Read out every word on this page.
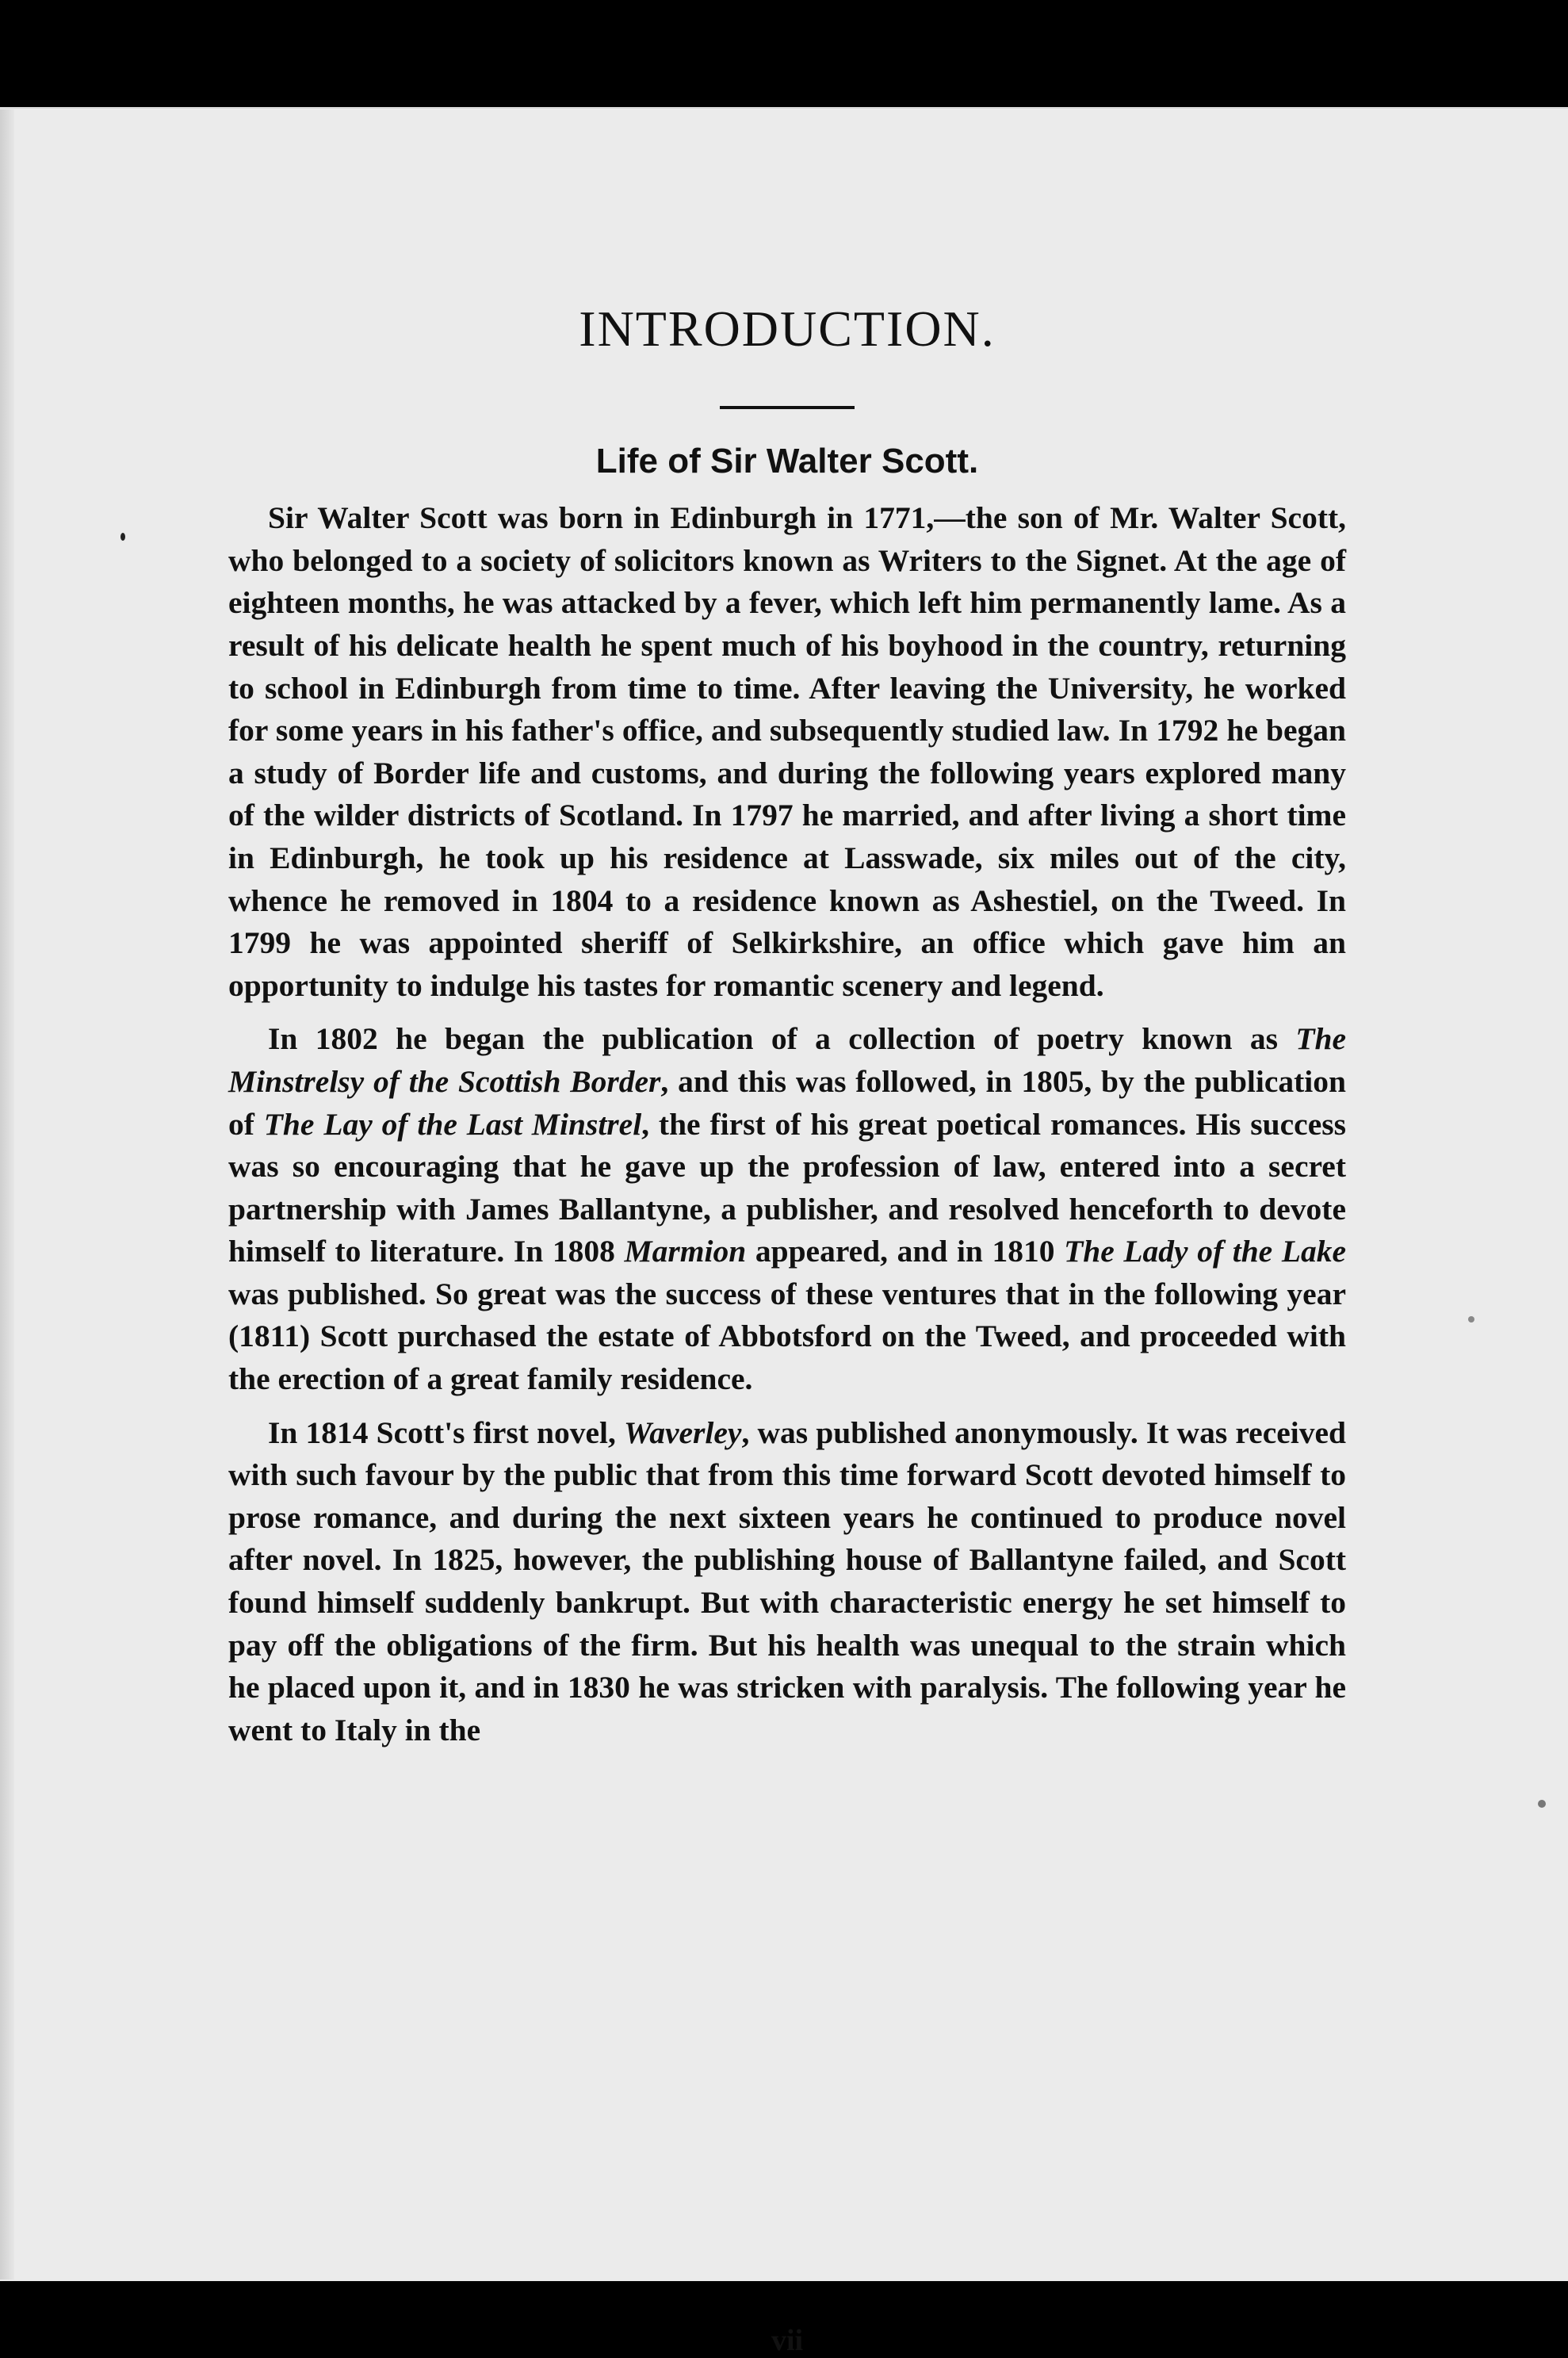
INTRODUCTION.
Life of Sir Walter Scott.

Sir Walter Scott was born in Edinburgh in 1771,—the son of Mr. Walter Scott, who belonged to a society of solicitors known as Writers to the Signet. At the age of eighteen months, he was attacked by a fever, which left him permanently lame. As a result of his delicate health he spent much of his boyhood in the country, returning to school in Edinburgh from time to time. After leaving the University, he worked for some years in his father's office, and subsequently studied law. In 1792 he began a study of Border life and customs, and during the following years explored many of the wilder districts of Scotland. In 1797 he married, and after living a short time in Edinburgh, he took up his residence at Lasswade, six miles out of the city, whence he removed in 1804 to a residence known as Ashestiel, on the Tweed. In 1799 he was appointed sheriff of Selkirkshire, an office which gave him an opportunity to indulge his tastes for romantic scenery and legend.

In 1802 he began the publication of a collection of poetry known as The Minstrelsy of the Scottish Border, and this was followed, in 1805, by the publication of The Lay of the Last Minstrel, the first of his great poetical romances. His success was so encouraging that he gave up the profession of law, entered into a secret partnership with James Ballantyne, a publisher, and resolved henceforth to devote himself to literature. In 1808 Marmion appeared, and in 1810 The Lady of the Lake was published. So great was the success of these ventures that in the following year (1811) Scott purchased the estate of Abbotsford on the Tweed, and proceeded with the erection of a great family residence.

In 1814 Scott's first novel, Waverley, was published anonymously. It was received with such favour by the public that from this time forward Scott devoted himself to prose romance, and during the next sixteen years he continued to produce novel after novel. In 1825, however, the publishing house of Ballantyne failed, and Scott found himself suddenly bankrupt. But with characteristic energy he set himself to pay off the obligations of the firm. But his health was unequal to the strain which he placed upon it, and in 1830 he was stricken with paralysis. The following year he went to Italy in the

vii
